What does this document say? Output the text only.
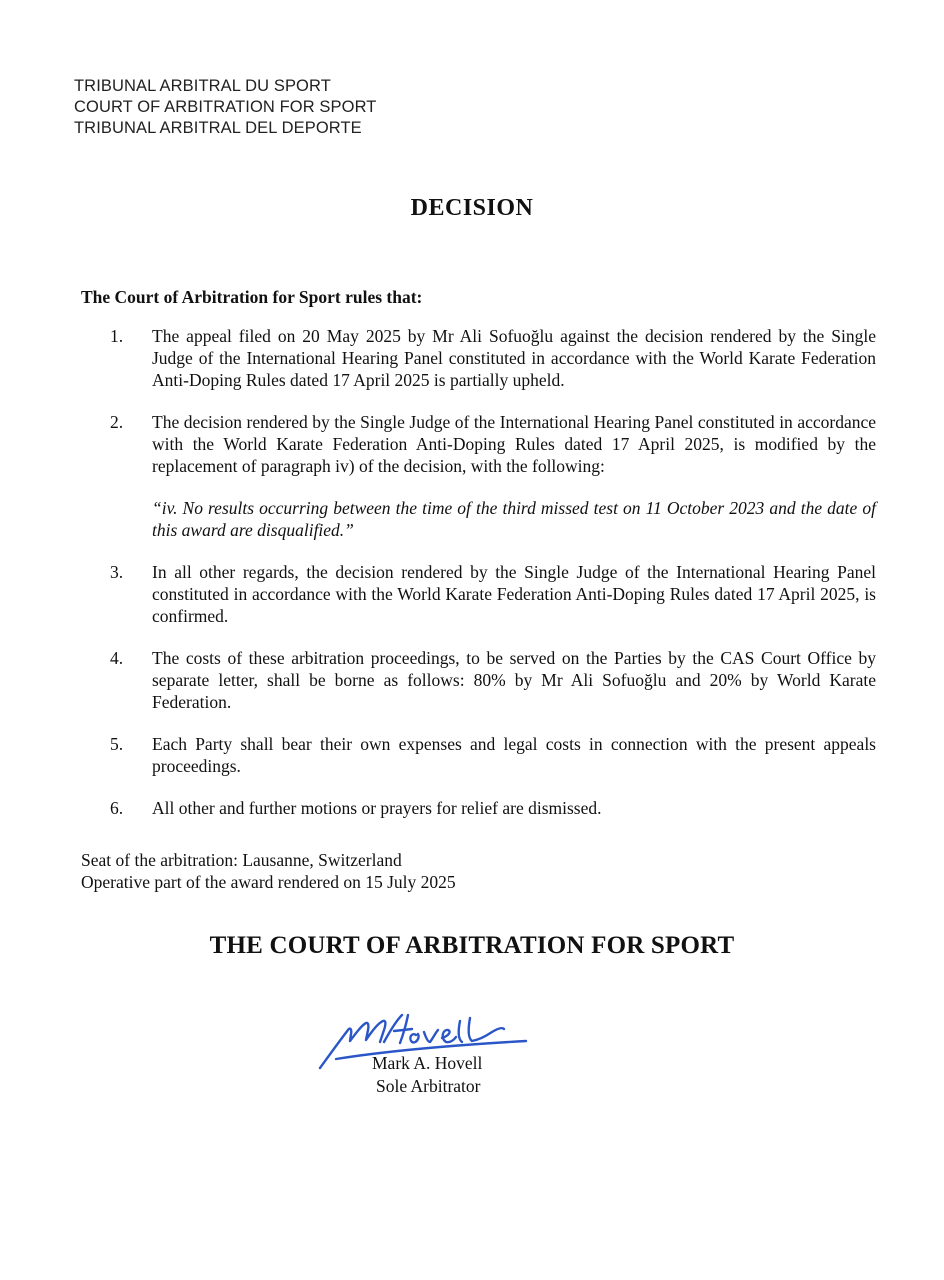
TRIBUNAL ARBITRAL DU SPORT
COURT OF ARBITRATION FOR SPORT
TRIBUNAL ARBITRAL DEL DEPORTE
DECISION
The Court of Arbitration for Sport rules that:
1.	The appeal filed on 20 May 2025 by Mr Ali Sofuoğlu against the decision rendered by the Single Judge of the International Hearing Panel constituted in accordance with the World Karate Federation Anti-Doping Rules dated 17 April 2025 is partially upheld.

2.	The decision rendered by the Single Judge of the International Hearing Panel constituted in accordance with the World Karate Federation Anti-Doping Rules dated 17 April 2025, is modified by the replacement of paragraph iv) of the decision, with the following:

“iv. No results occurring between the time of the third missed test on 11 October 2023 and the date of this award are disqualified.”

3.	In all other regards, the decision rendered by the Single Judge of the International Hearing Panel constituted in accordance with the World Karate Federation Anti-Doping Rules dated 17 April 2025, is confirmed.

4.	The costs of these arbitration proceedings, to be served on the Parties by the CAS Court Office by separate letter, shall be borne as follows: 80% by Mr Ali Sofuoğlu and 20% by World Karate Federation.

5.	Each Party shall bear their own expenses and legal costs in connection with the present appeals proceedings.

6.	All other and further motions or prayers for relief are dismissed.

Seat of the arbitration: Lausanne, Switzerland
Operative part of the award rendered on 15 July 2025
THE COURT OF ARBITRATION FOR SPORT
Mark A. Hovell
Sole Arbitrator
